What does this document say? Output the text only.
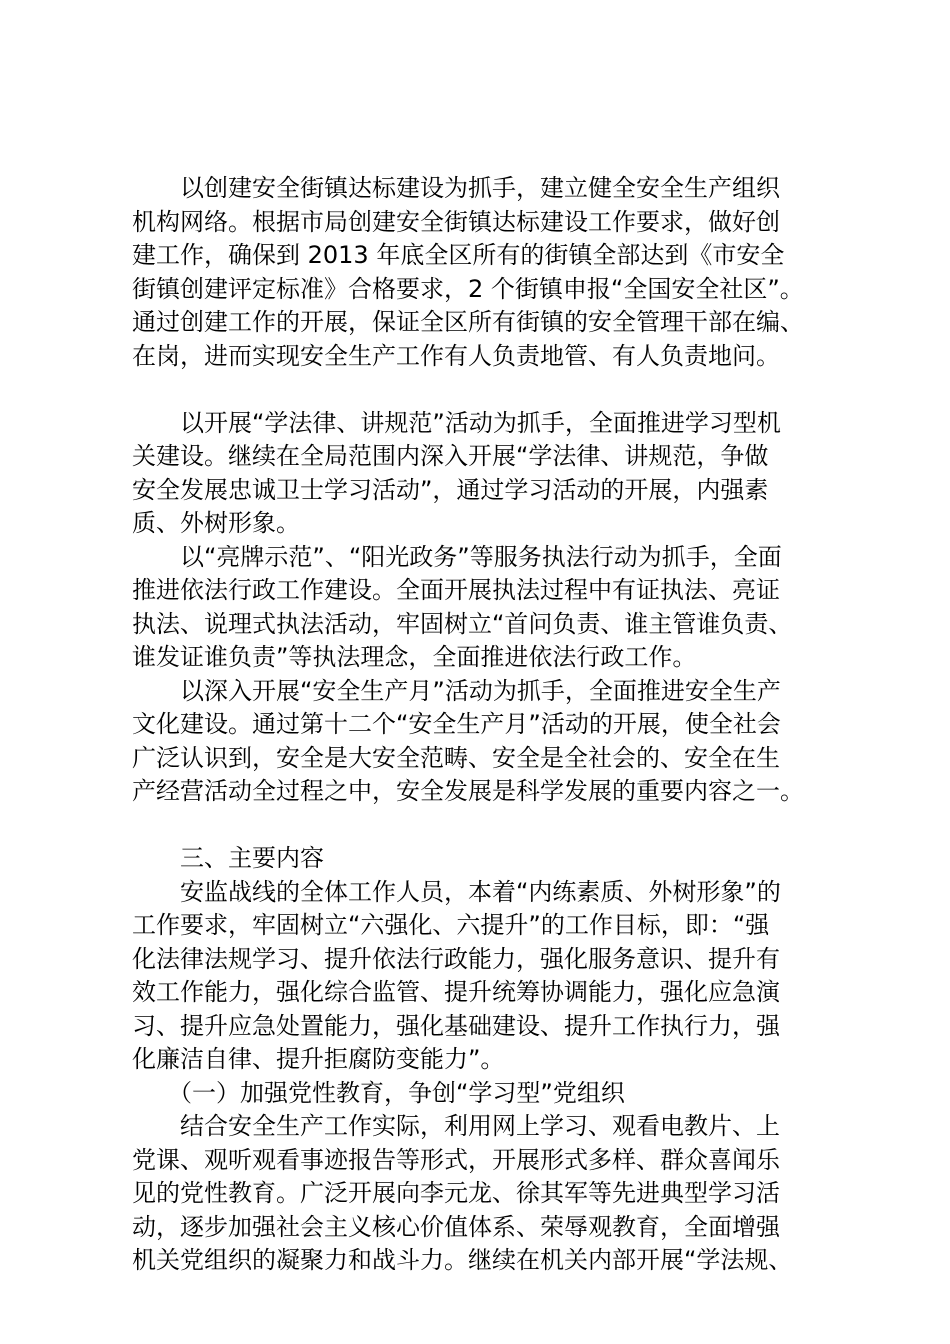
　　以创建安全街镇达标建设为抓手，建立健全安全生产组织
机构网络。根据市局创建安全街镇达标建设工作要求，做好创
建工作，确保到 2013 年底全区所有的街镇全部达到《市安全
街镇创建评定标准》合格要求，2 个街镇申报“全国安全社区”。
通过创建工作的开展，保证全区所有街镇的安全管理干部在编、
在岗，进而实现安全生产工作有人负责地管、有人负责地问。
　　以开展“学法律、讲规范”活动为抓手，全面推进学习型机
关建设。继续在全局范围内深入开展“学法律、讲规范，争做
安全发展忠诚卫士学习活动”，通过学习活动的开展，内强素
质、外树形象。
　　以“亮牌示范”、“阳光政务”等服务执法行动为抓手，全面
推进依法行政工作建设。全面开展执法过程中有证执法、亮证
执法、说理式执法活动，牢固树立“首问负责、谁主管谁负责、
谁发证谁负责”等执法理念，全面推进依法行政工作。
　　以深入开展“安全生产月”活动为抓手，全面推进安全生产
文化建设。通过第十二个“安全生产月”活动的开展，使全社会
广泛认识到，安全是大安全范畴、安全是全社会的、安全在生
产经营活动全过程之中，安全发展是科学发展的重要内容之一。
　　三、主要内容
　　安监战线的全体工作人员，本着“内练素质、外树形象”的
工作要求，牢固树立“六强化、六提升”的工作目标，即：“强
化法律法规学习、提升依法行政能力，强化服务意识、提升有
效工作能力，强化综合监管、提升统筹协调能力，强化应急演
习、提升应急处置能力，强化基础建设、提升工作执行力，强
化廉洁自律、提升拒腐防变能力”。
　　（一）加强党性教育，争创“学习型”党组织
　　结合安全生产工作实际，利用网上学习、观看电教片、上
党课、观听观看事迹报告等形式，开展形式多样、群众喜闻乐
见的党性教育。广泛开展向李元龙、徐其军等先进典型学习活
动，逐步加强社会主义核心价值体系、荣辱观教育，全面增强
机关党组织的凝聚力和战斗力。继续在机关内部开展“学法规、
